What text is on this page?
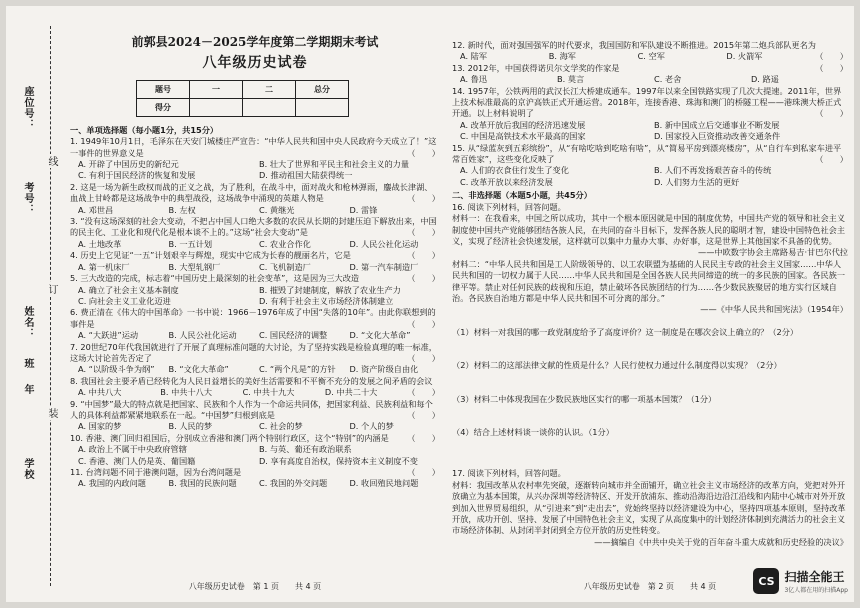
座位号：
考号：
姓名：
年
班
学校
线
订
装
前郭县2024－2025学年度第二学期期末考试
八年级历史试卷
题号	一	二	总分
得分			
一、单项选择题（每小题1分，共15分）

1. 1949年10月1日，毛泽东在天安门城楼庄严宣告：“中华人民共和国中央人民政府今天成立了！”这一事件的世界意义是	（　　）

A. 开辟了中国历史的新纪元	B. 壮大了世界和平民主和社会主义的力量
C. 有利于国民经济的恢复和发展	D. 推动祖国大陆获得统一

2. 这是一场为新生政权而战的正义之战，为了胜利，在战斗中，面对战火和枪林弹雨，鏖战长津湖、血战上甘岭都是这场战争中的典型战役，这场战争中涌现的英雄人物是	（　　）

A. 邓世昌	B. 左权	C. 黄继光	D. 雷锋

3. “没有这场深刻的社会大变动，不把占中国人口绝大多数的农民从长期的封建压迫下解放出来，中国的民主化、工业化和现代化是根本谈不上的。”这场“社会大变动”是	（　　）

A. 土地改革	B. 一五计划	C. 农业合作化	D. 人民公社化运动

4. 历史上它见证“一五”计划艰辛与辉煌，现实中它成为长春的靓丽名片，它是	（　　）

A. 第一机床厂	B. 大型轧钢厂	C. 飞机制造厂	D. 第一汽车制造厂

5. 三大改造的完成，标志着“中国历史上最深刻的社会变革”，这是因为三大改造	（　　）

A. 确立了社会主义基本制度	B. 摧毁了封建制度，解放了农业生产力
C. 向社会主义工业化迈进	D. 有利于社会主义市场经济体制建立

6. 费正清在《伟大的中国革命》一书中说：1966－1976年成了中国“失落的10年”。由此你联想到的事件是	（　　）

A. “大跃进”运动	B. 人民公社化运动	C. 国民经济的调整	D. “文化大革命”

7. 20世纪70年代我国就进行了开展了真理标准问题的大讨论，为了坚持实践是检验真理的唯一标准，这场大讨论首先否定了	（　　）

A. “以阶级斗争为纲”	B. “文化大革命”	C. “两个凡是”的方针	D. 资产阶级自由化

8. 我国社会主要矛盾已经转化为人民日益增长的美好生活需要和不平衡不充分的发展之间矛盾的会议
（　　）

A. 中共八大	B. 中共十八大	C. 中共十九大	D. 中共二十大

9. “中国梦”最大的特点就是把国家、民族和个人作为一个命运共同体，把国家利益、民族利益和每个人的具体利益都紧紧地联系在一起。“中国梦”归根到底是	（　　）

A. 国家的梦	B. 人民的梦	C. 社会的梦	D. 个人的梦

10. 香港、澳门回归祖国后，分别成立香港和澳门两个特别行政区，这个“特别”的内涵是 （　　）

A. 政治上不属于中央政府管辖	B. 与英、葡还有政治联系
C. 香港、澳门人仍是英、葡国籍	D. 享有高度自治权，保持资本主义制度不变

11. 台湾问题不同于港澳问题，因为台湾问题是	（　　）

A. 我国的内政问题	B. 我国的民族问题	C. 我国的外交问题	D. 收回殖民地问题
八年级历史试卷　第 1 页　　共 4 页

12. 新时代，面对强国强军的时代要求，我国国防和军队建设不断推进。2015年第二炮兵部队更名为
（　　）

A. 陆军	B. 海军	C. 空军	D. 火箭军

13. 2012年，中国获得诺贝尔文学奖的作家是	（　　）

A. 鲁迅	B. 莫言	C. 老舍	D. 路遥

14. 1957年，公铁两用的武汉长江大桥建成通车。1997年以来全国铁路实现了几次大提速。2011年，世界上技术标准最高的京沪高铁正式开通运营。2018年，连接香港、珠海和澳门的桥隧工程——港珠澳大桥正式开通。以上材料说明了	（　　）

A. 改革开放后我国的经济迅速发展	B. 新中国成立后交通事业不断发展
C. 中国是高铁技术水平最高的国家	D. 国家投入巨资推动改善交通条件

15. 从“绿蓝灰到五彩缤纷”，从“有啥吃啥到吃啥有啥”，从“简易平房到漂亮楼房”，从“自行车到私家车进平常百姓家”，这些变化反映了	（　　）

A. 人们的衣食住行发生了变化	B. 人们不再发扬艰苦奋斗的传统
C. 改革开放以来经济发展	D. 人们努力生活的更好
二、非选择题（本题5小题，共45分）

16. 阅读下列材料，回答问题。

材料一：在我看来，中国之所以成功，其中一个根本原因就是中国的制度优势，中国共产党的领导和社会主义制度使中国共产党能够团结各族人民，在共同的奋斗目标下，发挥各族人民的聪明才智，建设中国特色社会主义，实现了经济社会快速发展，这样就可以集中力量办大事、办好事，这是世界上其他国家不具备的优势。

——中欧数字协会主席路易吉·甘巴尔代拉

材料二：“中华人民共和国是工人阶级领导的、以工农联盟为基础的人民民主专政的社会主义国家……中华人民共和国的一切权力属于人民……中华人民共和国是全国各族人民共同缔造的统一的多民族的国家。各民族一律平等。禁止对任何民族的歧视和压迫，禁止破坏各民族团结的行为……各少数民族聚居的地方实行区域自治。各民族自治地方都是中华人民共和国不可分离的部分。”

——《中华人民共和国宪法》（1954年）

（1）材料一对我国的哪一政党制度给予了高度评价？这一制度是在哪次会议上确立的？（2分）
（2）材料二的这部法律文献的性质是什么？人民行使权力通过什么制度得以实现？（2分）
（3）材料二中体现我国在少数民族地区实行的哪一项基本国策？（1分）
（4）结合上述材料谈一谈你的认识。（1分）

17. 阅读下列材料，回答问题。

材料：我国改革从农村率先突破，逐渐转向城市并全面铺开，确立社会主义市场经济的改革方向，党把对外开放确立为基本国策，从兴办深圳等经济特区、开发开放浦东、推动沿海沿边沿江沿线和内陆中心城市对外开放到加入世界贸易组织，从“引进来”到“走出去”，党始终坚持以经济建设为中心，坚持四项基本原则，坚持改革开放，成功开创、坚持、发展了中国特色社会主义，实现了从高度集中的计划经济体制到充满活力的社会主义市场经济体制、从封闭半封闭到全方位开放的历史性转变。

——摘编自《中共中央关于党的百年奋斗重大成就和历史经验的决议》

八年级历史试卷　第 2 页　　共 4 页	CS 扫描全能王
3亿人都在用的扫描App
